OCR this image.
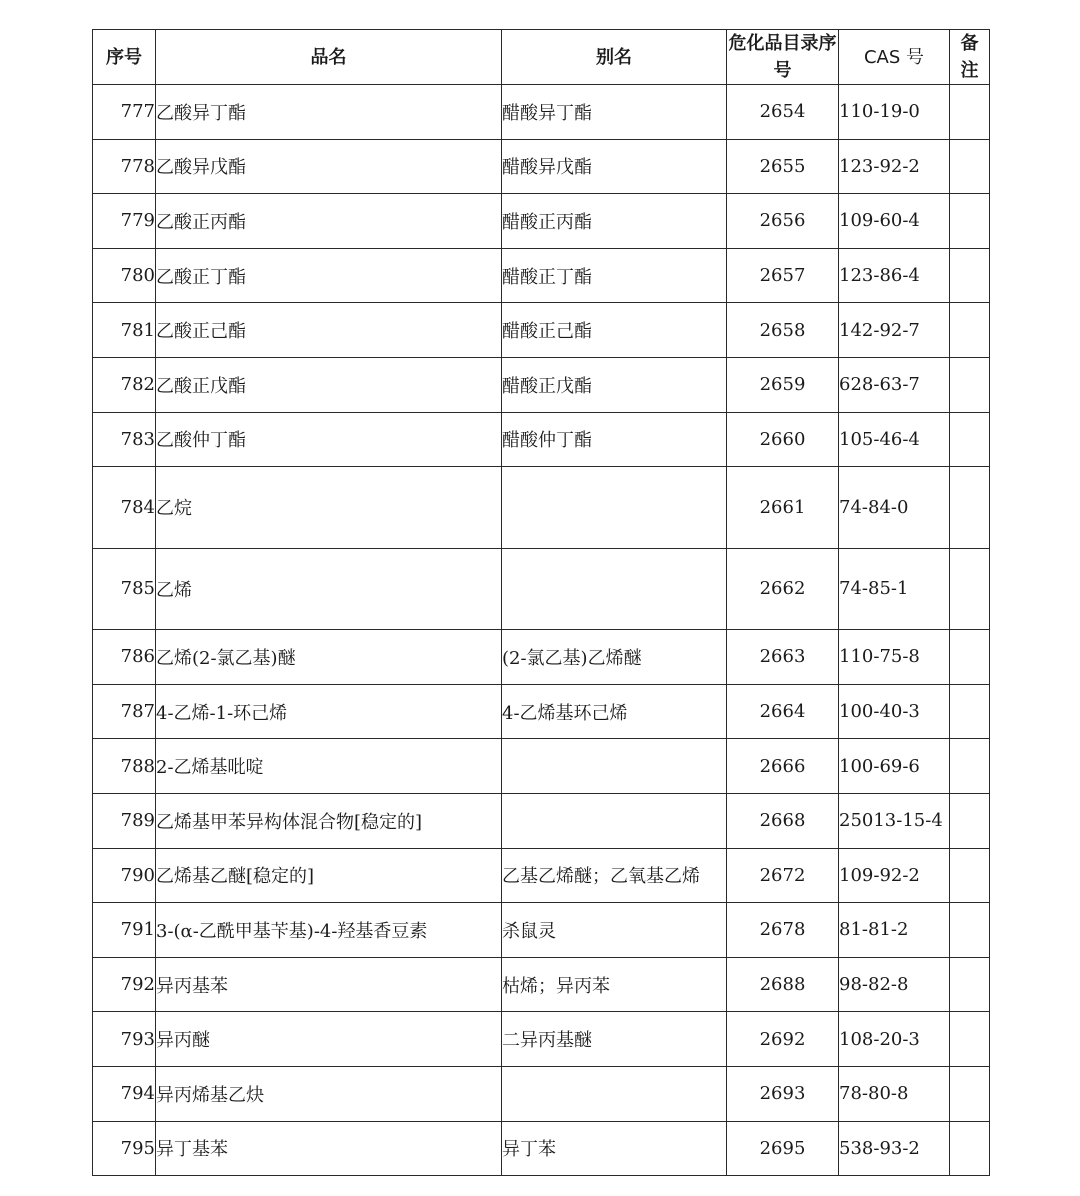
序号	品名	别名	危化品目录序号	CAS 号	备注
777	乙酸异丁酯	醋酸异丁酯	2654	110-19-0	
778	乙酸异戊酯	醋酸异戊酯	2655	123-92-2	
779	乙酸正丙酯	醋酸正丙酯	2656	109-60-4	
780	乙酸正丁酯	醋酸正丁酯	2657	123-86-4	
781	乙酸正己酯	醋酸正己酯	2658	142-92-7	
782	乙酸正戊酯	醋酸正戊酯	2659	628-63-7	
783	乙酸仲丁酯	醋酸仲丁酯	2660	105-46-4	
784	乙烷		2661	74-84-0	
785	乙烯		2662	74-85-1	
786	乙烯(2-氯乙基)醚	(2-氯乙基)乙烯醚	2663	110-75-8	
787	4-乙烯-1-环己烯	4-乙烯基环己烯	2664	100-40-3	
788	2-乙烯基吡啶		2666	100-69-6	
789	乙烯基甲苯异构体混合物[稳定的]		2668	25013-15-4	
790	乙烯基乙醚[稳定的]	乙基乙烯醚；乙氧基乙烯	2672	109-92-2	
791	3-(α-乙酰甲基苄基)-4-羟基香豆素	杀鼠灵	2678	81-81-2	
792	异丙基苯	枯烯；异丙苯	2688	98-82-8	
793	异丙醚	二异丙基醚	2692	108-20-3	
794	异丙烯基乙炔		2693	78-80-8	
795	异丁基苯	异丁苯	2695	538-93-2	
